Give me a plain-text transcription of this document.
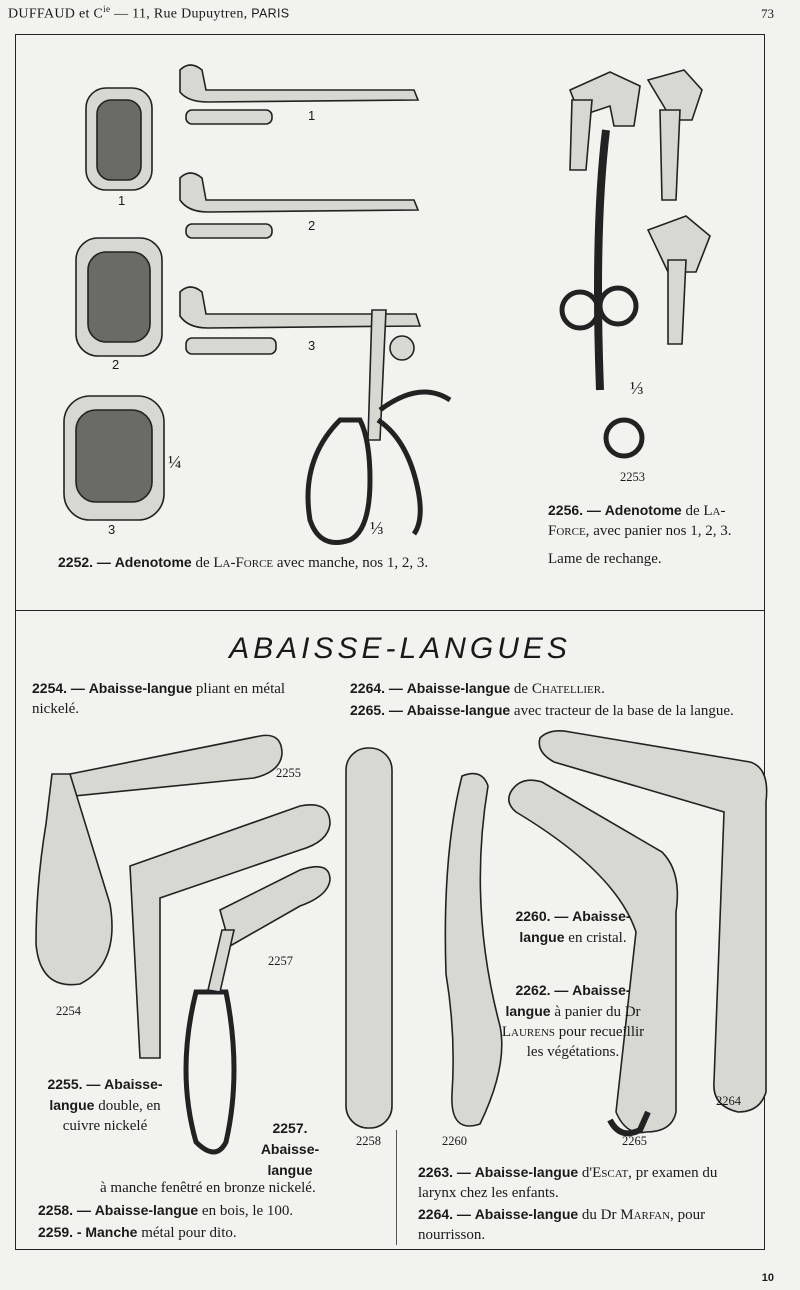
DUFFAUD et $C^{ie}$ — 11, Rue Dupuytren, PARIS	73
1
2
3
1
2
3
⅓
¼
⅓
2253
2252. — Adenotome de La-Force avec manche, nos 1, 2, 3.
2256. — Adenotome de La-Force, avec panier nos 1, 2, 3.
Lame de rechange.
ABAISSE-LANGUES
2254. — Abaisse-langue pliant en métal nickelé.
2264. — Abaisse-langue de Chatellier.
2265. — Abaisse-langue avec tracteur de la base de la langue.
2255
2257
2254
2258	2260	2265
2264
2260. — Abaisse-langue en cristal.
2262. — Abaisse-langue à panier du Dr Laurens pour recueillir les végétations.
2255. — Abaisse-langue double, en cuivre nickelé	2257. Abaisse-langue
à manche fenêtré en bronze nickelé.
2258. — Abaisse-langue en bois, le 100.
2259. - Manche métal pour dito.
2263. — Abaisse-langue d'Escat, pr examen du larynx chez les enfants.
2264. — Abaisse-langue du Dr Marfan, pour nourrisson.
10
